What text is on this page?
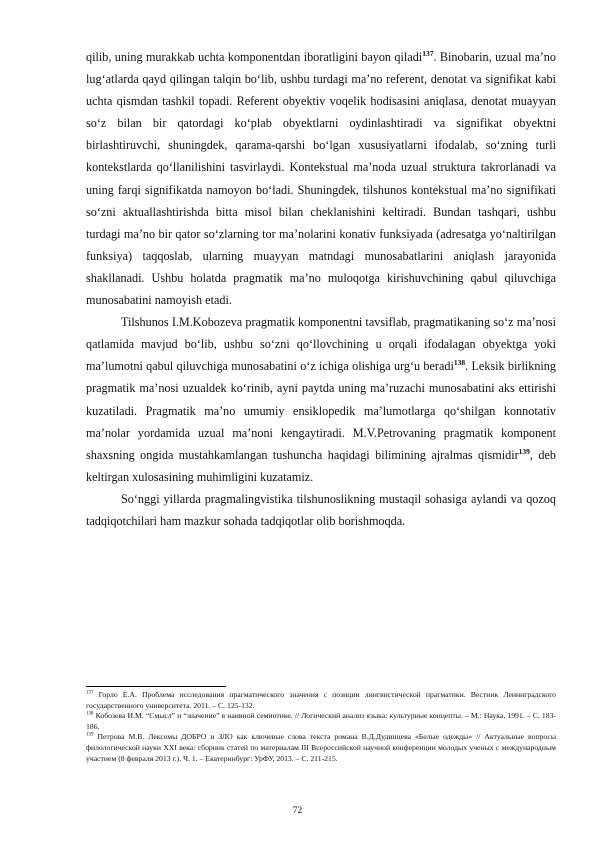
qilib, uning murakkab uchta komponentdan iboratligini bayon qiladi$^{137}$. Binobarin, uzual ma’no lug‘atlarda qayd qilingan talqin bo‘lib, ushbu turdagi ma’no referent, denotat va signifikat kabi uchta qismdan tashkil topadi. Referent obyektiv voqelik hodisasini aniqlasa, denotat muayyan so‘z bilan bir qatordagi ko‘plab obyektlarni oydinlashtiradi va signifikat obyektni birlashtiruvchi, shuningdek, qarama-qarshi bo‘lgan xususiyatlarni ifodalab, so‘zning turli kontekstlarda qo‘llanilishini tasvirlaydi. Kontekstual ma’noda uzual struktura takrorlanadi va uning farqi signifikatda namoyon bo‘ladi. Shuningdek, tilshunos kontekstual ma’no signifikati so‘zni aktuallashtirishda bitta misol bilan cheklanishini keltiradi. Bundan tashqari, ushbu turdagi ma’no bir qator so‘zlarning tor ma’nolarini konativ funksiyada (adresatga yo‘naltirilgan funksiya) taqqoslab, ularning muayyan matndagi munosabatlarini aniqlash jarayonida shakllanadi. Ushbu holatda pragmatik ma’no muloqotga kirishuvchining qabul qiluvchiga munosabatini namoyish etadi.

Tilshunos I.M.Kobozeva pragmatik komponentni tavsiflab, pragmatikaning so‘z ma’nosi qatlamida mavjud bo‘lib, ushbu so‘zni qo‘llovchining u orqali ifodalagan obyektga yoki ma’lumotni qabul qiluvchiga munosabatini o‘z ichiga olishiga urg‘u beradi$^{138}$. Leksik birlikning pragmatik ma’nosi uzualdek ko‘rinib, ayni paytda uning ma’ruzachi munosabatini aks ettirishi kuzatiladi. Pragmatik ma’no umumiy ensiklopedik ma’lumotlarga qo‘shilgan konnotativ ma’nolar yordamida uzual ma’noni kengaytiradi. M.V.Petrovaning pragmatik komponent shaxsning ongida mustahkamlangan tushuncha haqidagi bilimining ajralmas qismidir$^{139}$, deb keltirgan xulosasining muhimligini kuzatamiz.

So‘nggi yillarda pragmalingvistika tilshunoslikning mustaqil sohasiga aylandi va qozoq tadqiqotchilari ham mazkur sohada tadqiqotlar olib borishmoqda.

$^{137}$ Горло Е.А. Проблема исследования прагматического значения с позиции лингвистической прагматики. Вестник Ленинградского государственного университета. 2011. – С. 125-132.

$^{138}$ Кобозева И.М. “Смысл” и “значение” в наивной семиотике. // Логический анализ языка: культурные концепты. – М.: Наука, 1991. – С. 183-186.

$^{139}$ Петрова М.В. Лексемы ДОБРО и ЗЛО как ключевые слова текста романа В.Д.Дудинцева «Белые одежды» // Актуальные вопросы филологической науки XXI века: сборник статей по материалам III Всероссийской научной конференции молодых ученых с международным участием (8 февраля 2013 г.). Ч. 1. – Екатеринбург: УрФУ, 2013. – С. 211-215.

72
